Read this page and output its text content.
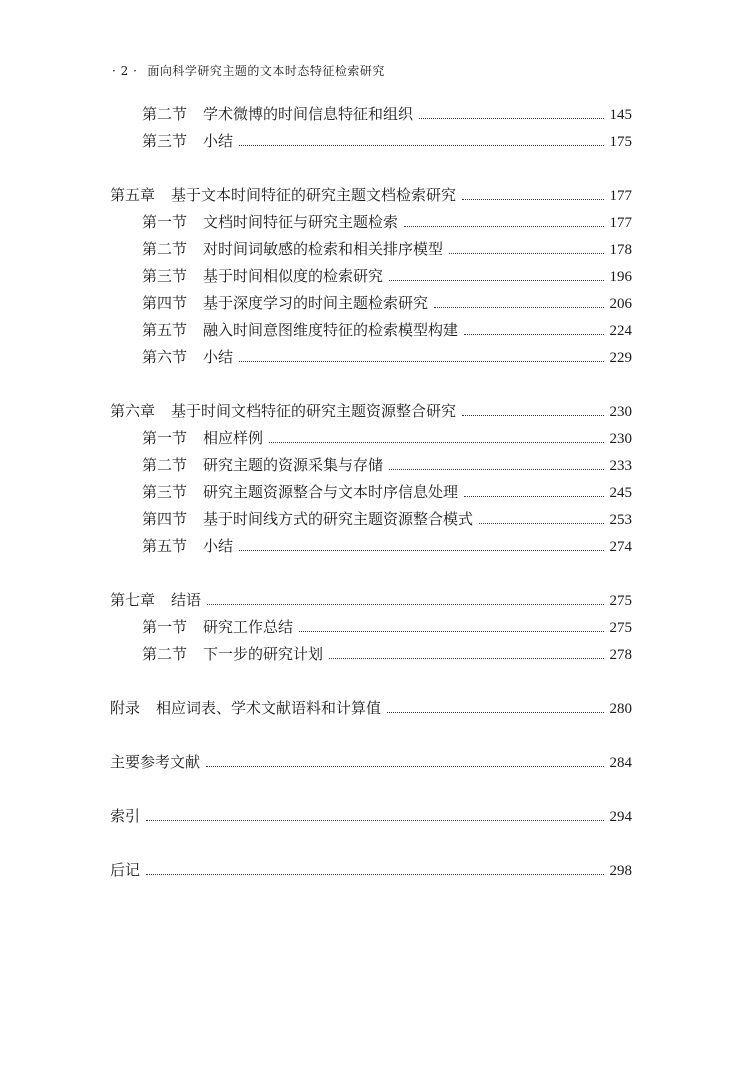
· 2 · 面向科学研究主题的文本时态特征检索研究
第二节 学术微博的时间信息特征和组织	145
第三节 小结	175
第五章 基于文本时间特征的研究主题文档检索研究	177
第一节 文档时间特征与研究主题检索	177
第二节 对时间词敏感的检索和相关排序模型	178
第三节 基于时间相似度的检索研究	196
第四节 基于深度学习的时间主题检索研究	206
第五节 融入时间意图维度特征的检索模型构建	224
第六节 小结	229
第六章 基于时间文档特征的研究主题资源整合研究	230
第一节 相应样例	230
第二节 研究主题的资源采集与存储	233
第三节 研究主题资源整合与文本时序信息处理	245
第四节 基于时间线方式的研究主题资源整合模式	253
第五节 小结	274
第七章 结语	275
第一节 研究工作总结	275
第二节 下一步的研究计划	278
附录 相应词表、学术文献语料和计算值	280
主要参考文献	284
索引	294
后记	298
